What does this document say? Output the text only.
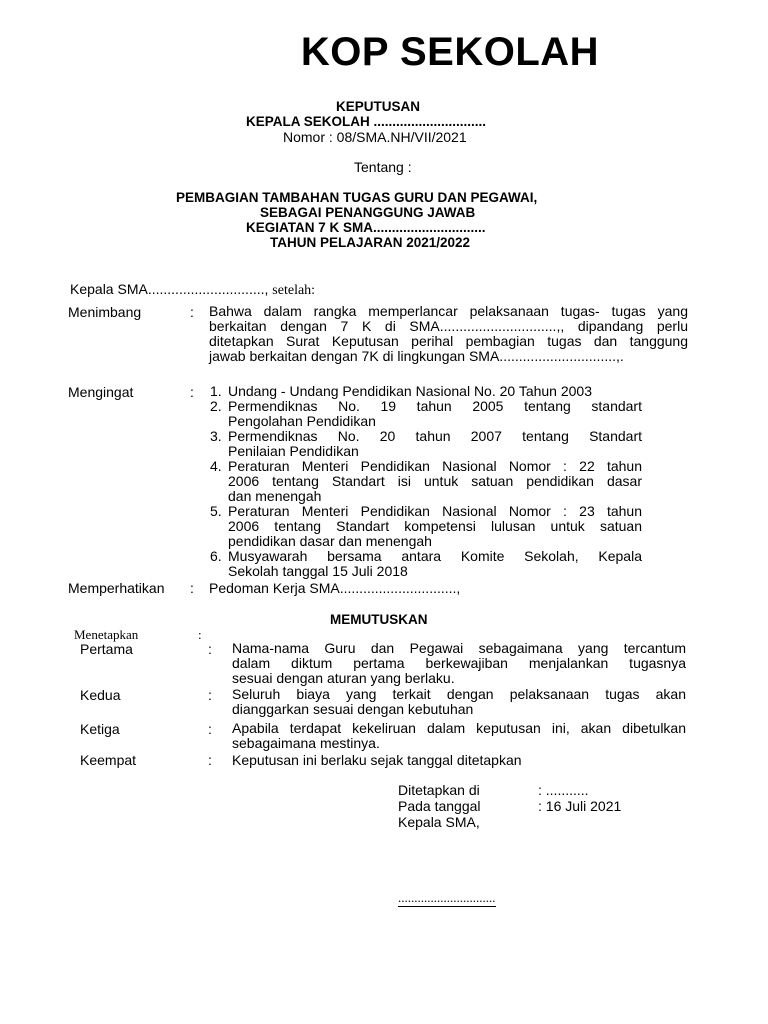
KOP SEKOLAH
KEPUTUSAN
KEPALA SEKOLAH ..............................
Nomor : 08/SMA.NH/VII/2021
Tentang :
PEMBAGIAN TAMBAHAN TUGAS GURU DAN PEGAWAI,
SEBAGAI PENANGGUNG JAWAB
KEGIATAN 7 K SMA..............................
TAHUN PELAJARAN 2021/2022
Kepala SMA.............................., setelah:
Menimbang	: Bahwa dalam rangka memperlancar pelaksanaan tugas- tugas yang
berkaitan dengan 7 K di SMA..............................,, dipandang perlu
ditetapkan Surat Keputusan perihal pembagian tugas dan tanggung
jawab berkaitan dengan 7K di lingkungan SMA..............................,.
Mengingat	: 1. Undang - Undang Pendidikan Nasional No. 20 Tahun 2003
2. Permendiknas No. 19 tahun 2005 tentang standart
Pengolahan Pendidikan
3. Permendiknas No. 20 tahun 2007 tentang Standart
Penilaian Pendidikan
4. Peraturan Menteri Pendidikan Nasional Nomor : 22 tahun
2006 tentang Standart isi untuk satuan pendidikan dasar
dan menengah
5. Peraturan Menteri Pendidikan Nasional Nomor : 23 tahun
2006 tentang Standart kompetensi lulusan untuk satuan
pendidikan dasar dan menengah
6. Musyawarah bersama antara Komite Sekolah, Kepala
Sekolah tanggal 15 Juli 2018
Memperhatikan : Pedoman Kerja SMA..............................,
MEMUTUSKAN
Menetapkan	:
Pertama	: Nama-nama Guru dan Pegawai sebagaimana yang tercantum
dalam diktum pertama berkewajiban menjalankan tugasnya
sesuai dengan aturan yang berlaku.
Kedua	: Seluruh biaya yang terkait dengan pelaksanaan tugas akan
dianggarkan sesuai dengan kebutuhan
Ketiga	: Apabila terdapat kekeliruan dalam keputusan ini, akan dibetulkan
sebagaimana mestinya.
Keempat	: Keputusan ini berlaku sejak tanggal ditetapkan
Ditetapkan di	: ...........
Pada tanggal	: 16 Juli 2021
Kepala SMA,
..............................
